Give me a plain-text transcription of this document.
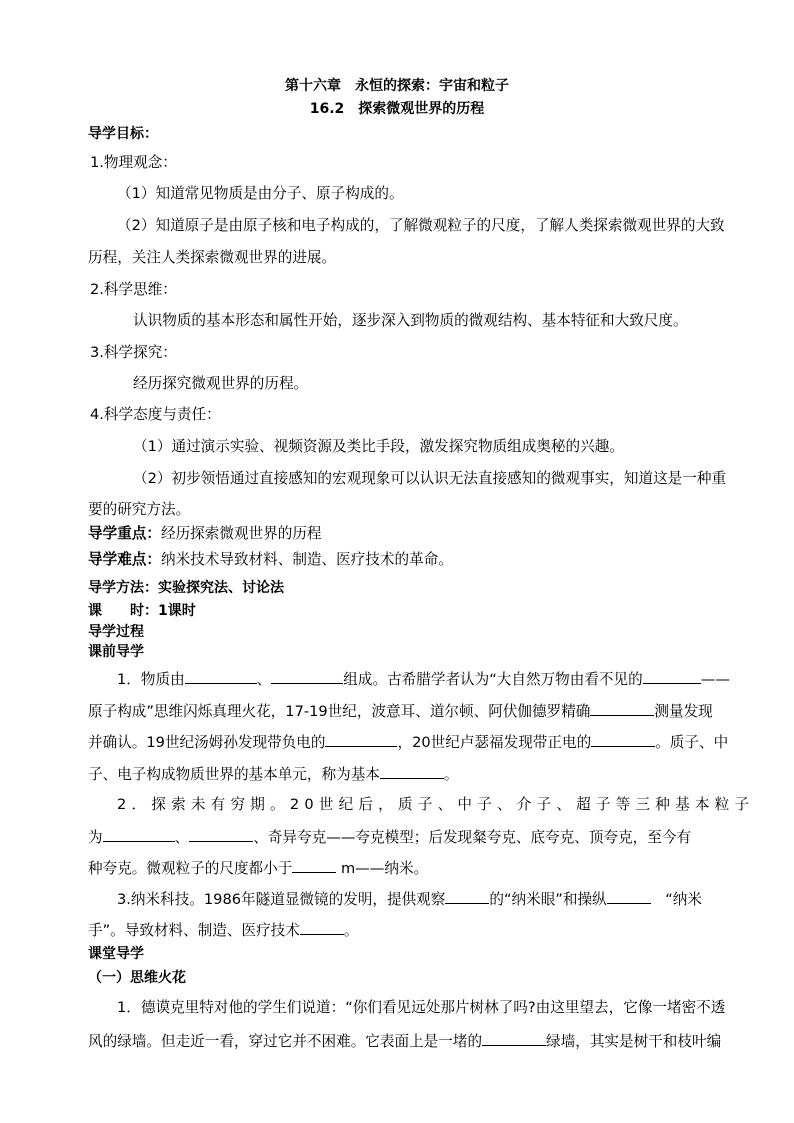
第十六章　永恒的探索：宇宙和粒子
16.2　探索微观世界的历程
导学目标：
1.物理观念：
（1）知道常见物质是由分子、原子构成的。
（2）知道原子是由原子核和电子构成的，了解微观粒子的尺度，了解人类探索微观世界的大致
历程，关注人类探索微观世界的进展。
2.科学思维：
认识物质的基本形态和属性开始，逐步深入到物质的微观结构、基本特征和大致尺度。
3.科学探究：
经历探究微观世界的历程。
4.科学态度与责任：
（1）通过演示实验、视频资源及类比手段，激发探究物质组成奥秘的兴趣。
（2）初步领悟通过直接感知的宏观现象可以认识无法直接感知的微观事实，知道这是一种重
要的研究方法。
导学重点：经历探索微观世界的历程
导学难点：纳米技术导致材料、制造、医疗技术的革命。
导学方法：实验探究法、讨论法
课　　时：1课时
导学过程
课前导学
1．物质由	、	组成。古希腊学者认为“大自然万物由看不见的	——
原子构成”思维闪烁真理火花，17-19世纪，波意耳、道尔顿、阿伏伽德罗精确	测量发现
并确认。19世纪汤姆孙发现带负电的	，20世纪卢瑟福发现带正电的	。质子、中
子、电子构成物质世界的基本单元，称为基本	。
2．探索未有穷期。20世纪后，质子、中子、介子、超子等三种基本粒子
为	、	、奇异夸克——夸克模型；后发现粲夸克、底夸克、顶夸克，至今有
种夸克。微观粒子的尺度都小于	m——纳米。
3.纳米科技。1986年隧道显微镜的发明，提供观察	的“纳米眼”和操纵	　“纳米
手”。导致材料、制造、医疗技术	。
课堂导学
（一）思维火花
1．德谟克里特对他的学生们说道：“你们看见远处那片树林了吗?由这里望去，它像一堵密不透
风的绿墙。但走近一看，穿过它并不困难。它表面上是一堵的	绿墙，其实是树干和枝叶编
